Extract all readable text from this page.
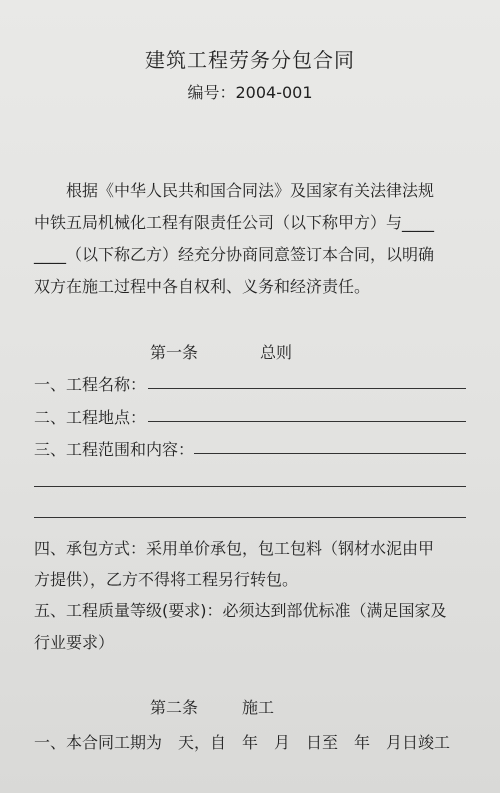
建筑工程劳务分包合同
编号：2004-001
根据《中华人民共和国合同法》及国家有关法律法规
中铁五局机械化工程有限责任公司（以下称甲方）与____
____（以下称乙方）经充分协商同意签订本合同，以明确
双方在施工过程中各自权利、义务和经济责任。
第一条	总则
一、工程名称：
二、工程地点：
三、工程范围和内容：
四、承包方式：采用单价承包，包工包料（钢材水泥由甲
方提供），乙方不得将工程另行转包。
五、工程质量等级(要求)：必须达到部优标准（满足国家及
行业要求）
第二条	施工
一、本合同工期为　天，自　年　月　日至　年　月日竣工
